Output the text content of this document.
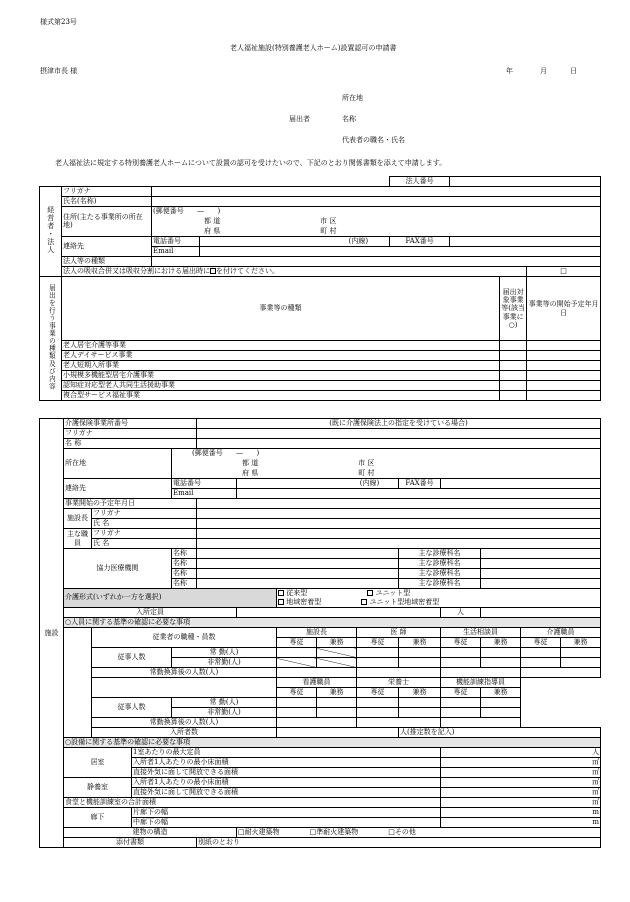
様式第23号
老人福祉施設(特別養護老人ホーム)設置認可の申請書
摂津市長 様	年	月	日
所在地
届出者	名称
代表者の職名・氏名
老人福祉法に規定する特別養護老人ホームについて設置の認可を受けたいので、下記のとおり関係書類を添えて申請します。
				法人番号			
経営者・法人	フリガナ						
	氏名(名称)						
	住所(主たる事業所の所在地)	(郵便番号 — )					
		都 道 市 区					
		府 県 町 村					
	連絡先	電話番号	(内線)	FAX番号			
		Email					
	法人等の種類						
	法人の吸収合併又は吸収分割における届出時に を付けてください。						□
届出を行う事業の種類及び内容	事業等の種類					届出対象事業等(該当事業に○)	事業等の開始予定年月日
	老人居宅介護等事業						
	老人デイサービス事業						
	老人短期入所事業						
	小規模多機能型居宅介護事業						
	認知症対応型老人共同生活援助事業						
	複合型サービス福祉事業						
施設	介護保険事業所番号				(既に介護保険法上の指定を受けている場合)									
	フリガナ													
	名 称													
	所在地			(郵便番号 — )										
				都 道 市 区										
				府 県 町 村										
	連絡先			電話番号		(内線)				FAX番号				
				Email										
	事業開始の予定年月日													
	施設長	フリガナ												
		氏 名												
	主な職員	フリガナ												
		氏 名												
	協力医療機関			名称						主な診療科名				
				名称						主な診療科名				
				名称						主な診療科名				
				名称						主な診療科名				
	介護形式(いずれか一方を選択)						従来型 ユニット型
地域密着型 ユニット型地域密着型							

	入所定員										人			
	○人員に関する基準の確認に必要な事項													
		従業者の職種・員数					施設長		医 師		生活相談員		介護職員	
							専従	兼務	専従	兼務	専従	兼務	専従	兼務
		従事人数		常 勤(人)										
				非常勤(人)										
		常勤換算後の人数(人)												
							看護職員		栄養士		機能訓練指導員			
							専従	兼務	専従	兼務	専従	兼務		
		従事人数		常 勤(人)										
				非常勤(人)										
		常勤換算後の人数(人)												
		入所者数								人(推定数を記入)				
	○設備に関する基準の確認に必要な事項													
	居室		1室あたりの最大定員								人			
			入所者1人あたりの最小床面積								㎡			
			直接外気に面して開放できる面積								㎡			
	静養室		入所者1人あたりの最小床面積								㎡			
			直接外気に面して開放できる面積								㎡			
	食堂と機能訓練室の合計面積										㎡			
	廊下		片廊下の幅								m			
			中廊下の幅								m			
	建物の構造					□耐火建築物 □準耐火建築物 □その他								
	添付書類				別紙のとおり									
